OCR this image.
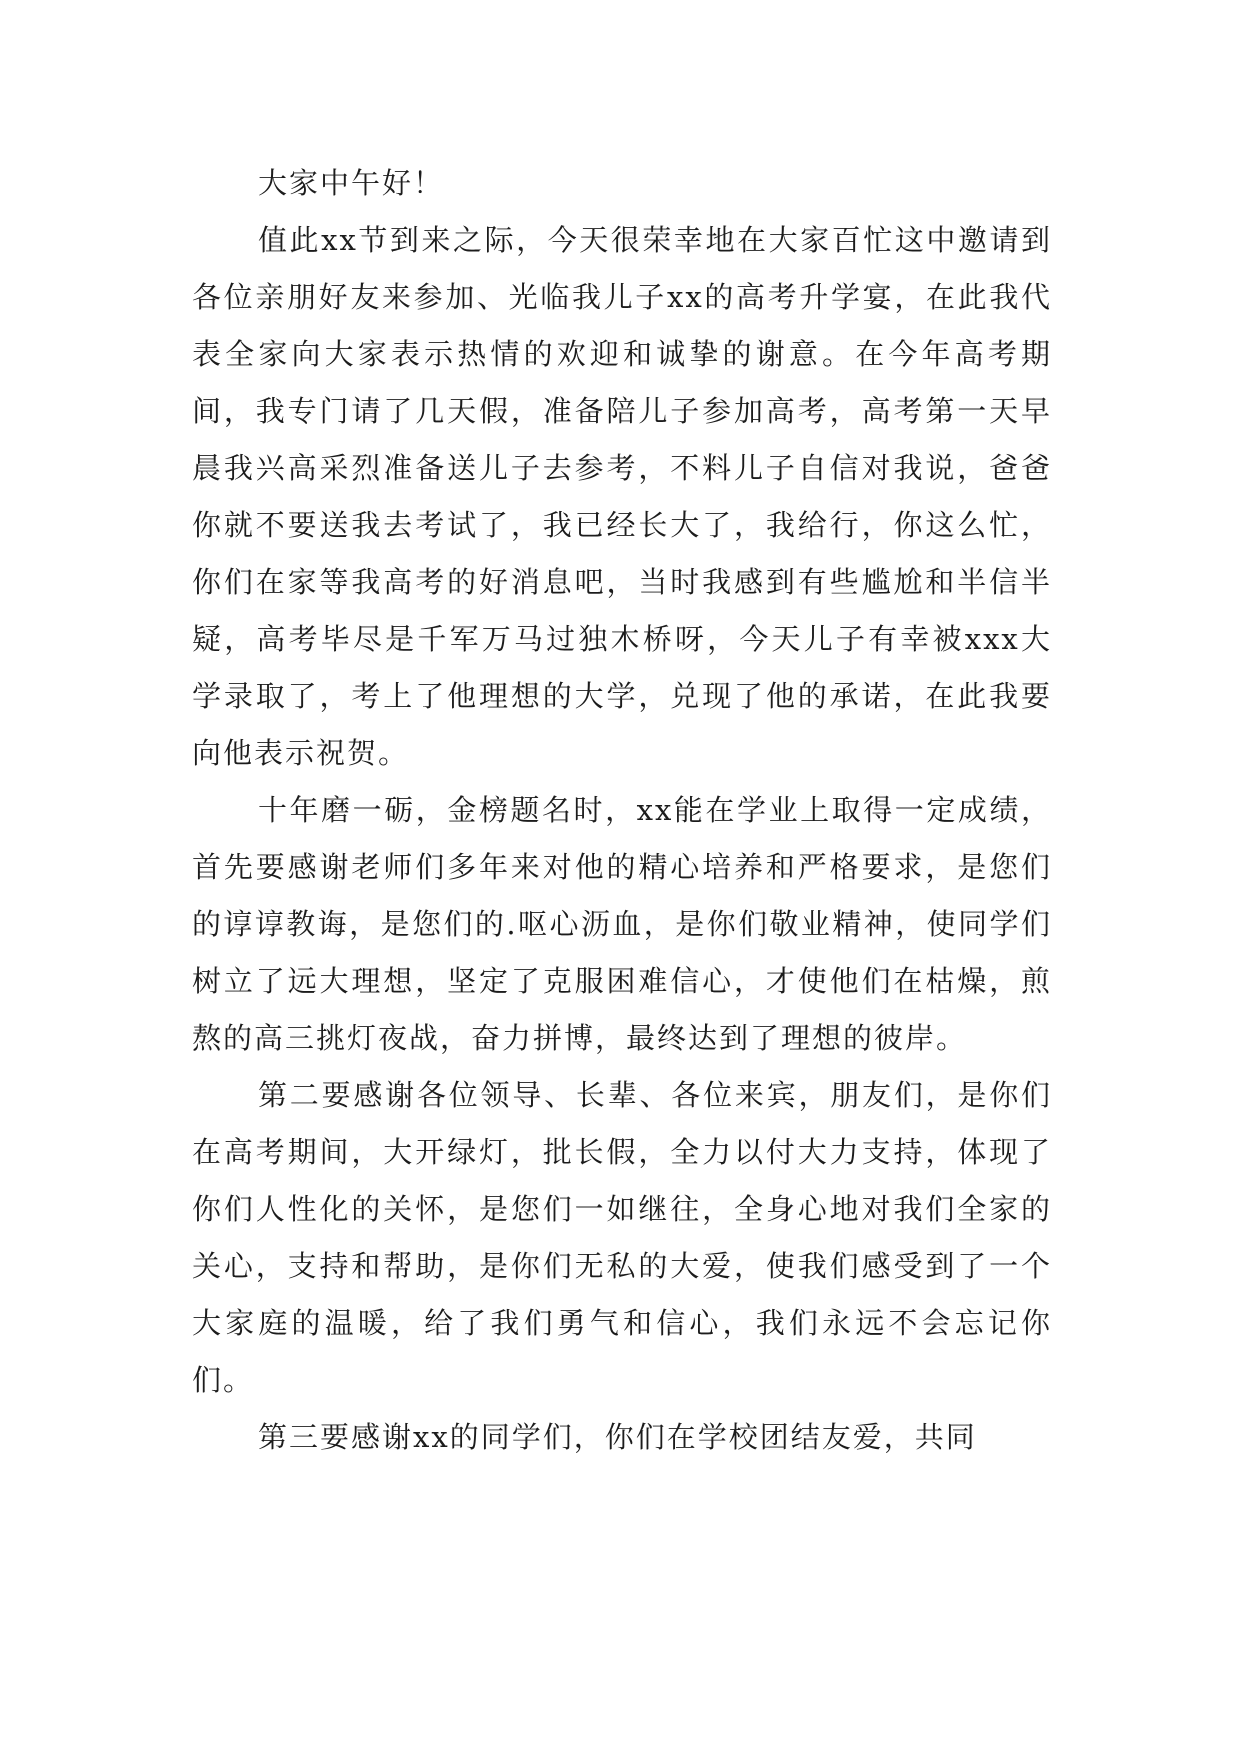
大家中午好！

值此xx节到来之际，今天很荣幸地在大家百忙这中邀请到各位亲朋好友来参加、光临我儿子xx的高考升学宴，在此我代表全家向大家表示热情的欢迎和诚挚的谢意。在今年高考期间，我专门请了几天假，准备陪儿子参加高考，高考第一天早晨我兴高采烈准备送儿子去参考，不料儿子自信对我说，爸爸你就不要送我去考试了，我已经长大了，我给行，你这么忙，你们在家等我高考的好消息吧，当时我感到有些尴尬和半信半疑，高考毕尽是千军万马过独木桥呀，今天儿子有幸被xxx大学录取了，考上了他理想的大学，兑现了他的承诺，在此我要向他表示祝贺。

十年磨一砺，金榜题名时，xx能在学业上取得一定成绩，首先要感谢老师们多年来对他的精心培养和严格要求，是您们的谆谆教诲，是您们的.呕心沥血，是你们敬业精神，使同学们树立了远大理想，坚定了克服困难信心，才使他们在枯燥，煎熬的高三挑灯夜战，奋力拼博，最终达到了理想的彼岸。

第二要感谢各位领导、长辈、各位来宾，朋友们，是你们在高考期间，大开绿灯，批长假，全力以付大力支持，体现了你们人性化的关怀，是您们一如继往，全身心地对我们全家的关心，支持和帮助，是你们无私的大爱，使我们感受到了一个大家庭的温暖，给了我们勇气和信心，我们永远不会忘记你们。

第三要感谢xx的同学们，你们在学校团结友爱，共同
